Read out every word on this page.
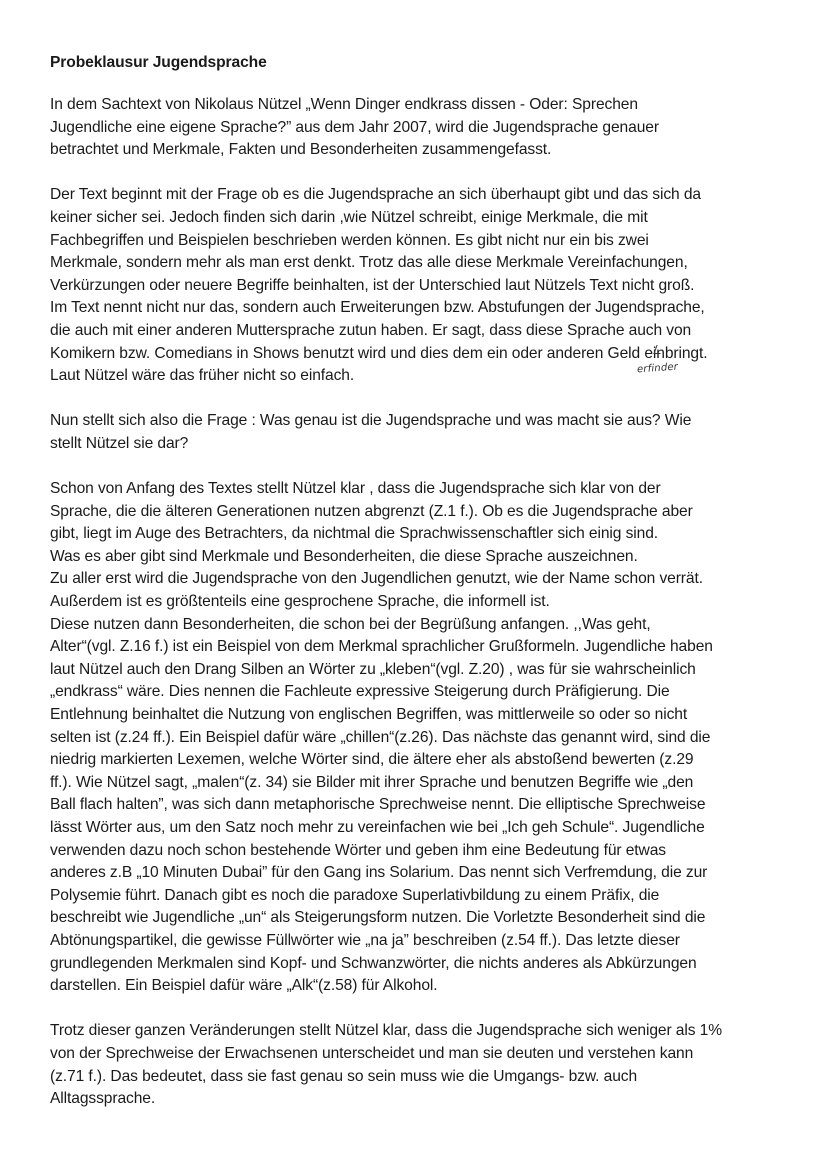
Probeklausur Jugendsprache
In dem Sachtext von Nikolaus Nützel „Wenn Dinger endkrass dissen - Oder: Sprechen
Jugendliche eine eigene Sprache?” aus dem Jahr 2007, wird die Jugendsprache genauer
betrachtet und Merkmale, Fakten und Besonderheiten zusammengefasst.
Der Text beginnt mit der Frage ob es die Jugendsprache an sich überhaupt gibt und das sich da
keiner sicher sei. Jedoch finden sich darin ,wie Nützel schreibt, einige Merkmale, die mit
Fachbegriffen und Beispielen beschrieben werden können. Es gibt nicht nur ein bis zwei
Merkmale, sondern mehr als man erst denkt. Trotz das alle diese Merkmale Vereinfachungen,
Verkürzungen oder neuere Begriffe beinhalten, ist der Unterschied laut Nützels Text nicht groß.
Im Text nennt nicht nur das, sondern auch Erweiterungen bzw. Abstufungen der Jugendsprache,
die auch mit einer anderen Muttersprache zutun haben. Er sagt, dass diese Sprache auch von
Komikern bzw. Comedians in Shows benutzt wird und dies dem ein oder anderen Geld einbringt.
Laut Nützel wäre das früher nicht so einfach.
Nun stellt sich also die Frage : Was genau ist die Jugendsprache und was macht sie aus? Wie
stellt Nützel sie dar?
Schon von Anfang des Textes stellt Nützel klar , dass die Jugendsprache sich klar von der
Sprache, die die älteren Generationen nutzen abgrenzt (Z.1 f.). Ob es die Jugendsprache aber
gibt, liegt im Auge des Betrachters, da nichtmal die Sprachwissenschaftler sich einig sind.
Was es aber gibt sind Merkmale und Besonderheiten, die diese Sprache auszeichnen.
Zu aller erst wird die Jugendsprache von den Jugendlichen genutzt, wie der Name schon verrät.
Außerdem ist es größtenteils eine gesprochene Sprache, die informell ist.
Diese nutzen dann Besonderheiten, die schon bei der Begrüßung anfangen. ,,Was geht,
Alter“(vgl. Z.16 f.) ist ein Beispiel von dem Merkmal sprachlicher Grußformeln. Jugendliche haben
laut Nützel auch den Drang Silben an Wörter zu „kleben“(vgl. Z.20) , was für sie wahrscheinlich
„endkrass“ wäre. Dies nennen die Fachleute expressive Steigerung durch Präfigierung. Die
Entlehnung beinhaltet die Nutzung von englischen Begriffen, was mittlerweile so oder so nicht
selten ist (z.24 ff.). Ein Beispiel dafür wäre „chillen“(z.26). Das nächste das genannt wird, sind die
niedrig markierten Lexemen, welche Wörter sind, die ältere eher als abstoßend bewerten (z.29
ff.). Wie Nützel sagt, „malen“(z. 34) sie Bilder mit ihrer Sprache und benutzen Begriffe wie „den
Ball flach halten”, was sich dann metaphorische Sprechweise nennt. Die elliptische Sprechweise
lässt Wörter aus, um den Satz noch mehr zu vereinfachen wie bei „Ich geh Schule“. Jugendliche
verwenden dazu noch schon bestehende Wörter und geben ihm eine Bedeutung für etwas
anderes z.B „10 Minuten Dubai” für den Gang ins Solarium. Das nennt sich Verfremdung, die zur
Polysemie führt. Danach gibt es noch die paradoxe Superlativbildung zu einem Präfix, die
beschreibt wie Jugendliche „un“ als Steigerungsform nutzen. Die Vorletzte Besonderheit sind die
Abtönungspartikel, die gewisse Füllwörter wie „na ja” beschreiben (z.54 ff.). Das letzte dieser
grundlegenden Merkmalen sind Kopf- und Schwanzwörter, die nichts anderes als Abkürzungen
darstellen. Ein Beispiel dafür wäre „Alk“(z.58) für Alkohol.
Trotz dieser ganzen Veränderungen stellt Nützel klar, dass die Jugendsprache sich weniger als 1%
von der Sprechweise der Erwachsenen unterscheidet und man sie deuten und verstehen kann
(z.71 f.). Das bedeutet, dass sie fast genau so sein muss wie die Umgangs- bzw. auch
Alltagssprache.
erfinder
